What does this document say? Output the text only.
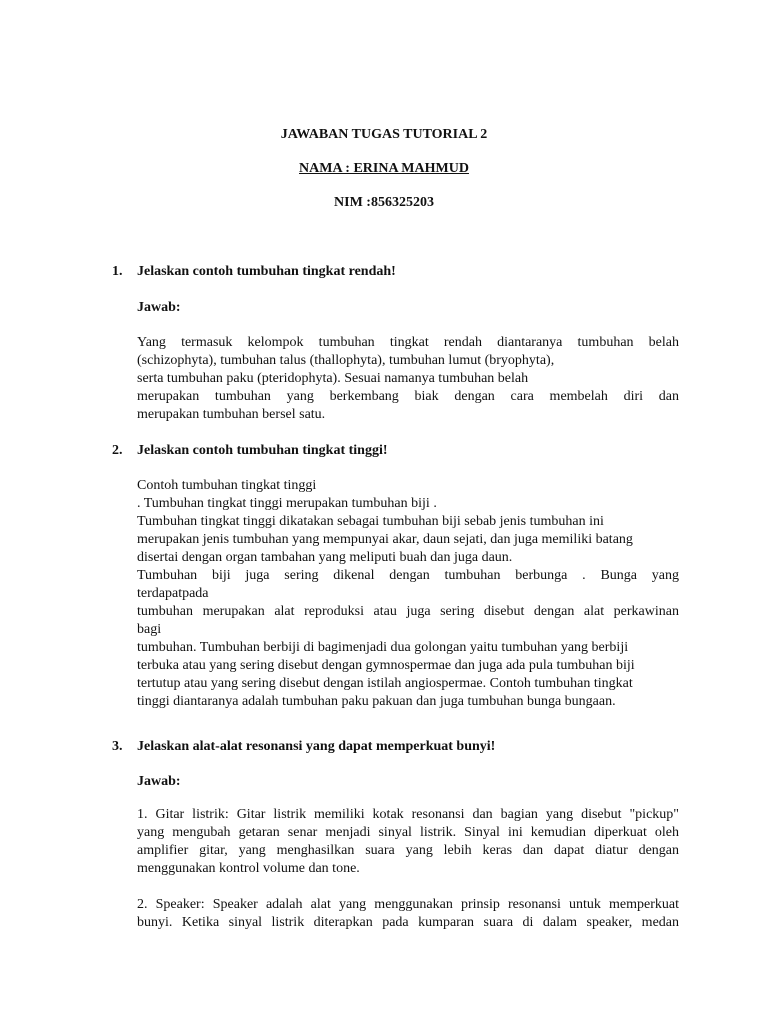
JAWABAN TUGAS TUTORIAL 2
NAMA : ERINA MAHMUD
NIM :856325203
1. Jelaskan contoh tumbuhan tingkat rendah!
Jawab:
Yang termasuk kelompok tumbuhan tingkat rendah diantaranya tumbuhan belah
(schizophyta), tumbuhan talus (thallophyta), tumbuhan lumut (bryophyta),
serta tumbuhan paku (pteridophyta). Sesuai namanya tumbuhan belah
merupakan tumbuhan yang berkembang biak dengan cara membelah diri dan
merupakan tumbuhan bersel satu.
2. Jelaskan contoh tumbuhan tingkat tinggi!
Contoh tumbuhan tingkat tinggi
. Tumbuhan tingkat tinggi merupakan tumbuhan biji .
Tumbuhan tingkat tinggi dikatakan sebagai tumbuhan biji sebab jenis tumbuhan ini
merupakan jenis tumbuhan yang mempunyai akar, daun sejati, dan juga memiliki batang
disertai dengan organ tambahan yang meliputi buah dan juga daun.
Tumbuhan biji juga sering dikenal dengan tumbuhan berbunga . Bunga yang
terdapatpada
tumbuhan merupakan alat reproduksi atau juga sering disebut dengan alat perkawinan
bagi
tumbuhan. Tumbuhan berbiji di bagimenjadi dua golongan yaitu tumbuhan yang berbiji
terbuka atau yang sering disebut dengan gymnospermae dan juga ada pula tumbuhan biji
tertutup atau yang sering disebut dengan istilah angiospermae. Contoh tumbuhan tingkat
tinggi diantaranya adalah tumbuhan paku pakuan dan juga tumbuhan bunga bungaan.
3. Jelaskan alat-alat resonansi yang dapat memperkuat bunyi!
Jawab:
1. Gitar listrik: Gitar listrik memiliki kotak resonansi dan bagian yang disebut "pickup"
yang mengubah getaran senar menjadi sinyal listrik. Sinyal ini kemudian diperkuat oleh
amplifier gitar, yang menghasilkan suara yang lebih keras dan dapat diatur dengan
menggunakan kontrol volume dan tone.
2. Speaker: Speaker adalah alat yang menggunakan prinsip resonansi untuk memperkuat
bunyi. Ketika sinyal listrik diterapkan pada kumparan suara di dalam speaker, medan
